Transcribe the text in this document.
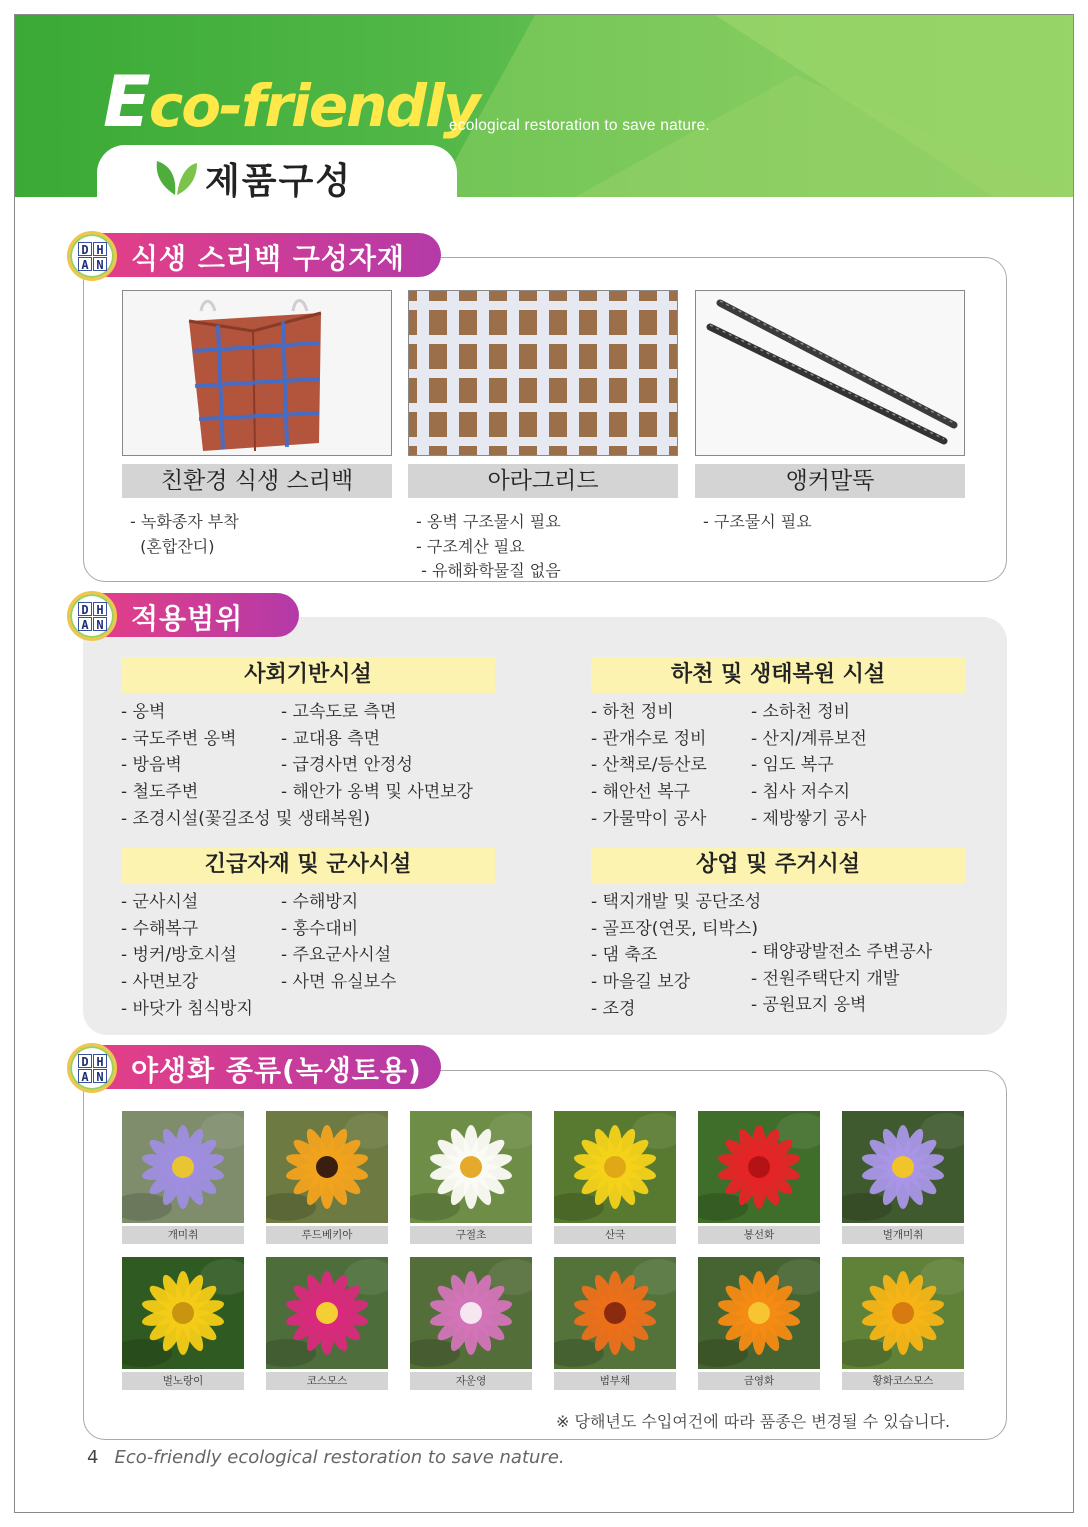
Eco-friendly
ecological restoration to save nature.
제품구성
친환경 식생 스리백
- 녹화종자 부착
(혼합잔디)
아라그리드
- 옹벽 구조물시 필요
- 구조계산 필요
- 유해화학물질 없음
앵커말뚝
- 구조물시 필요
식생 스리백 구성자재
D H
A N
사회기반시설
- 옹벽
- 국도주변 옹벽
- 방음벽
- 철도주변
- 조경시설(꽃길조성 및 생태복원)
- 고속도로 측면
- 교대용 측면
- 급경사면 안정성
- 해안가 옹벽 및 사면보강
하천 및 생태복원 시설
- 하천 정비
- 관개수로 정비
- 산책로/등산로
- 해안선 복구
- 가물막이 공사
- 소하천 정비
- 산지/계류보전
- 임도 복구
- 침사 저수지
- 제방쌓기 공사
긴급자재 및 군사시설
- 군사시설
- 수해복구
- 벙커/방호시설
- 사면보강
- 바닷가 침식방지
- 수해방지
- 홍수대비
- 주요군사시설
- 사면 유실보수
상업 및 주거시설
- 택지개발 및 공단조성
- 골프장(연못, 티박스)
- 댐 축조
- 마을길 보강
- 조경
- 태양광발전소 주변공사
- 전원주택단지 개발
- 공원묘지 옹벽
적용범위
D H
A N
개미취	루드베키아	구절초	산국	봉선화	벌개미취
벌노랑이	코스모스	자운영	범부채	금영화	황화코스모스
※ 당해년도 수입여건에 따라 품종은 변경될 수 있습니다.
야생화 종류(녹생토용)
D H
A N
4 Eco-friendly ecological restoration to save nature.
